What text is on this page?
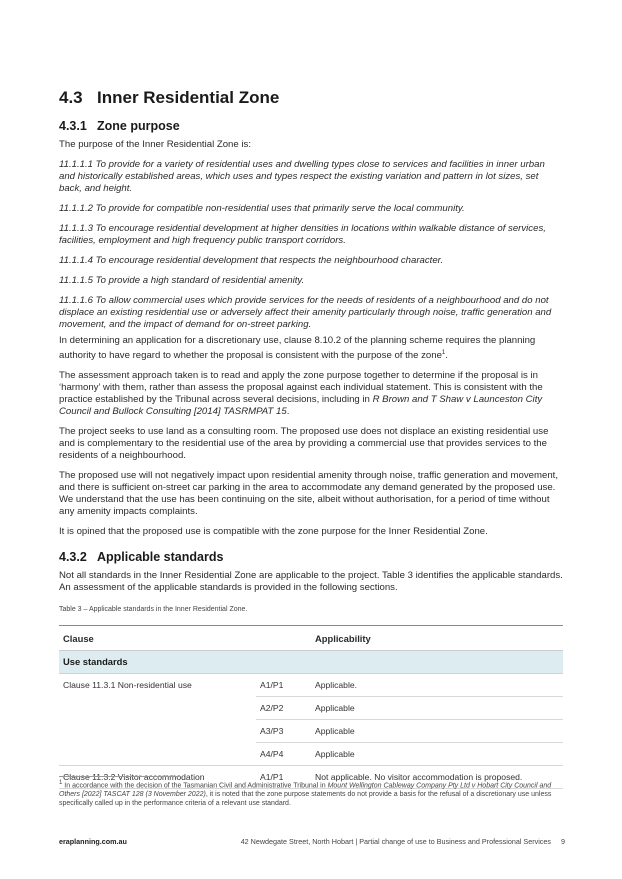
4.3 Inner Residential Zone
4.3.1 Zone purpose

The purpose of the Inner Residential Zone is:

11.1.1.1 To provide for a variety of residential uses and dwelling types close to services and facilities in inner urban and historically established areas, which uses and types respect the existing variation and pattern in lot sizes, set back, and height.

11.1.1.2 To provide for compatible non-residential uses that primarily serve the local community.

11.1.1.3 To encourage residential development at higher densities in locations within walkable distance of services, facilities, employment and high frequency public transport corridors.

11.1.1.4 To encourage residential development that respects the neighbourhood character.

11.1.1.5 To provide a high standard of residential amenity.

11.1.1.6 To allow commercial uses which provide services for the needs of residents of a neighbourhood and do not displace an existing residential use or adversely affect their amenity particularly through noise, traffic generation and movement, and the impact of demand for on-street parking.

In determining an application for a discretionary use, clause 8.10.2 of the planning scheme requires the planning authority to have regard to whether the proposal is consistent with the purpose of the zone$^1$.

The assessment approach taken is to read and apply the zone purpose together to determine if the proposal is in ‘harmony’ with them, rather than assess the proposal against each individual statement. This is consistent with the practice established by the Tribunal across several decisions, including in R Brown and T Shaw v Launceston City Council and Bullock Consulting [2014] TASRMPAT 15.

The project seeks to use land as a consulting room. The proposed use does not displace an existing residential use and is complementary to the residential use of the area by providing a commercial use that provides services to the residents of a neighbourhood.

The proposed use will not negatively impact upon residential amenity through noise, traffic generation and movement, and there is sufficient on-street car parking in the area to accommodate any demand generated by the proposed use. We understand that the use has been continuing on the site, albeit without authorisation, for a period of time without any amenity impacts complaints.

It is opined that the proposed use is compatible with the zone purpose for the Inner Residential Zone.

4.3.2 Applicable standards

Not all standards in the Inner Residential Zone are applicable to the project. Table 3 identifies the applicable standards. An assessment of the applicable standards is provided in the following sections.

Table 3 – Applicable standards in the Inner Residential Zone.
Clause		Applicability
Use standards		
Clause 11.3.1 Non-residential use	A1/P1	Applicable.
	A2/P2	Applicable
	A3/P3	Applicable
	A4/P4	Applicable
Clause 11.3.2 Visitor accommodation	A1/P1	Not applicable. No visitor accommodation is proposed.
$^1$ In accordance with the decision of the Tasmanian Civil and Administrative Tribunal in Mount Wellington Cableway Company Pty Ltd v Hobart City Council and Others [2022] TASCAT 128 (3 November 2022), it is noted that the zone purpose statements do not provide a basis for the refusal of a discretionary use unless specifically called up in the performance criteria of a relevant use standard.
eraplanning.com.au	42 Newdegate Street, North Hobart | Partial change of use to Business and Professional Services 9
